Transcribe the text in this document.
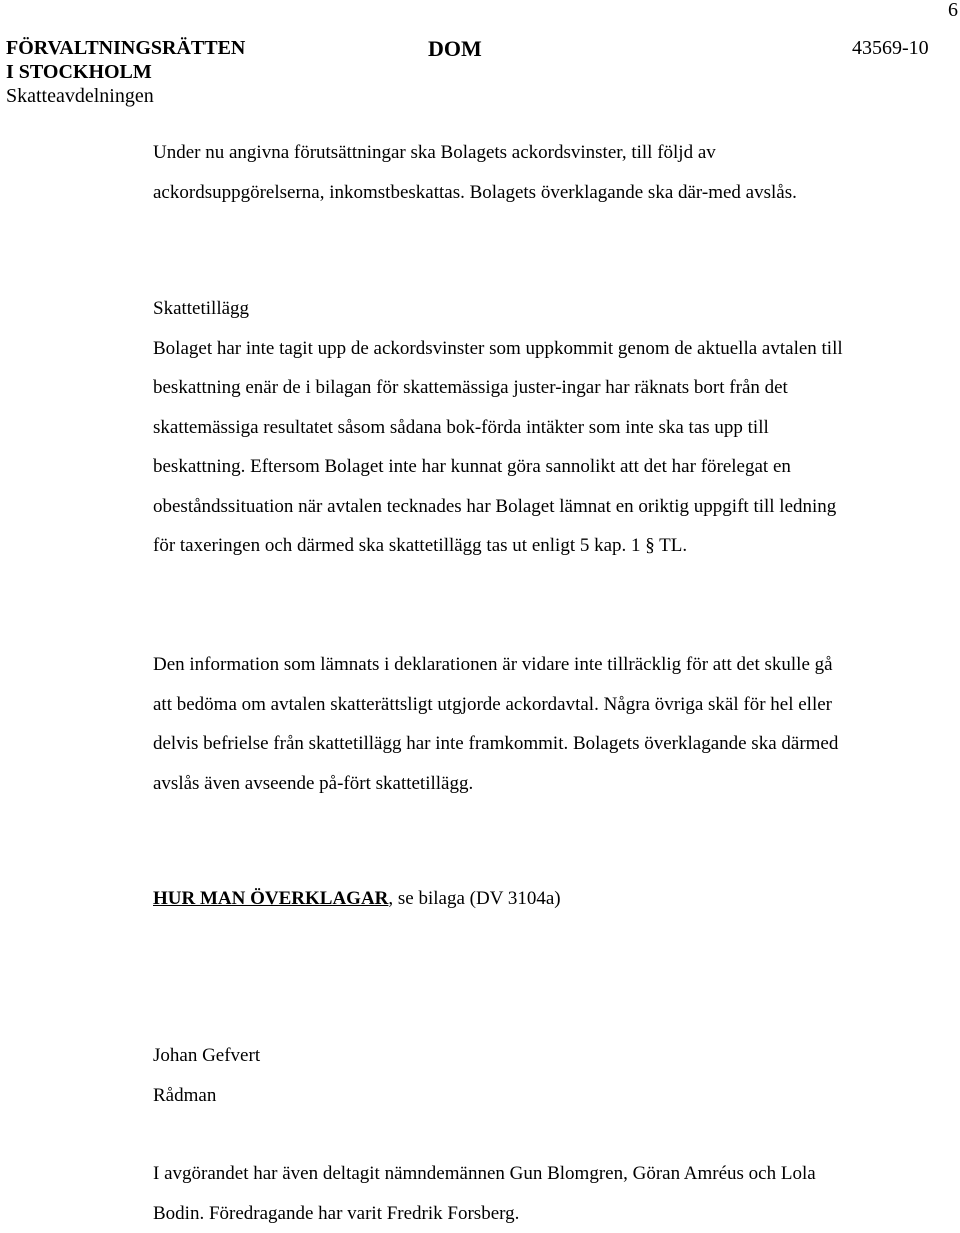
6
FÖRVALTNINGSRÄTTEN
I STOCKHOLM
Skatteavdelningen
DOM	43569-10

Under nu angivna förutsättningar ska Bolagets ackordsvinster, till följd av ackordsuppgörelserna, inkomstbeskattas. Bolagets överklagande ska där-med avslås.

Skattetillägg

Bolaget har inte tagit upp de ackordsvinster som uppkommit genom de aktuella avtalen till beskattning enär de i bilagan för skattemässiga juster-ingar har räknats bort från det skattemässiga resultatet såsom sådana bok-förda intäkter som inte ska tas upp till beskattning. Eftersom Bolaget inte har kunnat göra sannolikt att det har förelegat en obeståndssituation när avtalen tecknades har Bolaget lämnat en oriktig uppgift till ledning för taxeringen och därmed ska skattetillägg tas ut enligt 5 kap. 1 § TL.

Den information som lämnats i deklarationen är vidare inte tillräcklig för att det skulle gå att bedöma om avtalen skatterättsligt utgjorde ackordavtal. Några övriga skäl för hel eller delvis befrielse från skattetillägg har inte framkommit. Bolagets överklagande ska därmed avslås även avseende på-fört skattetillägg.

HUR MAN ÖVERKLAGAR, se bilaga (DV 3104a)

Johan Gefvert

Rådman

I avgörandet har även deltagit nämndemännen Gun Blomgren, Göran Amréus och Lola Bodin. Föredragande har varit Fredrik Forsberg.
